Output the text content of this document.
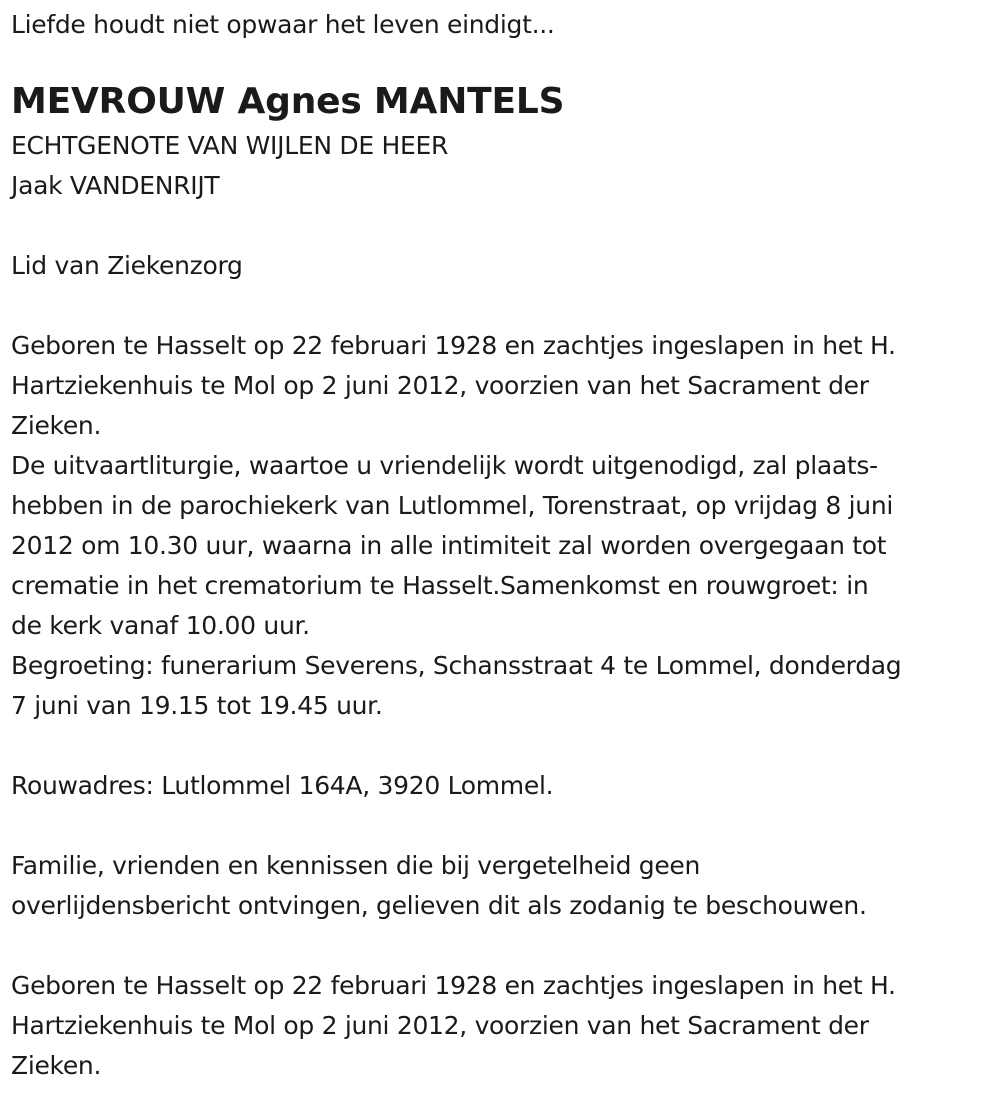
Liefde houdt niet opwaar het leven eindigt...
MEVROUW Agnes MANTELS
ECHTGENOTE VAN WIJLEN DE HEER
Jaak VANDENRIJT
Lid van Ziekenzorg
Geboren te Hasselt op 22 februari 1928 en zachtjes ingeslapen in het H.
Hartziekenhuis te Mol op 2 juni 2012, voorzien van het Sacrament der
Zieken.
De uitvaartliturgie, waartoe u vriendelijk wordt uitgenodigd, zal plaats-
hebben in de parochiekerk van Lutlommel, Torenstraat, op vrijdag 8 juni
2012 om 10.30 uur, waarna in alle intimiteit zal worden overgegaan tot
crematie in het crematorium te Hasselt.Samenkomst en rouwgroet: in
de kerk vanaf 10.00 uur.
Begroeting: funerarium Severens, Schansstraat 4 te Lommel, donderdag
7 juni van 19.15 tot 19.45 uur.
Rouwadres: Lutlommel 164A, 3920 Lommel.
Familie, vrienden en kennissen die bij vergetelheid geen
overlijdensbericht ontvingen, gelieven dit als zodanig te beschouwen.
Geboren te Hasselt op 22 februari 1928 en zachtjes ingeslapen in het H.
Hartziekenhuis te Mol op 2 juni 2012, voorzien van het Sacrament der
Zieken.
